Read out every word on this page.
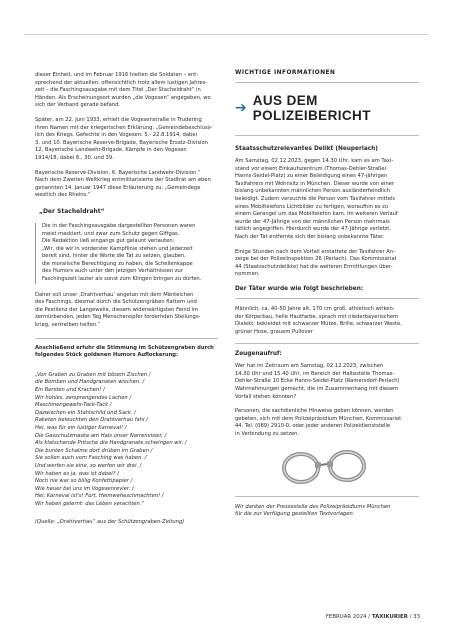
dieser Einheit, und im Februar 1916 hielten die Soldaten – ent-
sprechend der aktuellen, offensichtlich trotz allem lustigen Jahres-
zeit – die Faschingsausgabe mit dem Titel „Der Stacheldraht“ in
Händen. Als Erscheinungsort wurden „die Vogesen“ angegeben, wo
sich der Verband gerade befand.
Später, am 22. Juni 1933, erhielt die Vogesenstraße in Trudering
ihren Namen mit der kriegerischen Erklärung: „Gemeindebeschluss-
lich des Kriegs. Gefechte in den Vogesen: 5.- 22.8.1914, dabei
3. und 10. Bayerische Reserve-Brigade, Bayerische Ersatz-Division
12, Bayerische Landwehr-Brigade. Kämpfe in den Vogesen
1914/18, dabei 8., 30. und 39.
Bayerische Reserve-Division, 6. Bayerische Landwehr-Division.“
Nach dem Zweiten Weltkrieg entmilitarisierte der Stadtrat am eben
genannten 14. Januar 1947 diese Erläuterung zu: „Gemeindege
westlich des Rheins.“
„Der Stacheldraht“
Die in der Faschingsausgabe dargestellten Personen waren
meist maskiert, und zwar zum Schutz gegen Giftgas.
Die Redaktion ließ eingangs gut gelaunt verlauten:
„Wir, die wir in vorderster Kampflinie stehen und jederzeit
bereit sind, hinter die Worte die Tat zu setzen, glauben,
die moralische Berechtigung zu haben, die Schellenkappe
des Humors auch unter den jetzigen Verhältnissen zur
Faschingszeit lauter als sonst zum Klingen bringen zu dürfen.
Daher soll unser ‚Drahtverhau‘ angetan mit dem Mäntelchen
des Faschings, diesmal durch die Schützengräben flattern und
die Pestilenz der Langeweile, diesem widerwärtigsten Feind im
zermürbenden, jeden Tag Menschenopfer fordernden Stellungs-
krieg, vertreiben helfen.“
Anschließend erfuhr die Stimmung im Schützengraben durch
folgendes Stück goldenen Humors Auflockerung:
„Von Graben zu Graben mit bösem Zischen /
die Bomben und Handgranaten wischen. /
Ein Bersten und Krachen! /
Wir hohles, zersprengendes Lachen /
Maschinengewehr-Tack-Tack /
Dazwischen ein Stahlschild und Sack. /
Raketen beleuchten den Drahtverhau fahl /
Hei, was für ein lustiger Karneval! /
Die Gasschutzmaske am Hals unser Narrenvisier, /
Als klatschende Pritsche die Handgranate schwingen wir. /
Die bunten Schalme dort drüben im Graben /
Sie sollen auch vom Fasching was haben. /
Und werfen sie eine, so werfen wir drei. /
Wir haben es ja, was ist dabei? /
Noch nie war so billig Konfettipapier /
Wie heuer bei uns im Vogesenrevier. /
Hei, Karneval ist's! Fort, Heimweheschmachten! /
Wir haben gelernt: das Leben verachten.“
(Quelle: „Drahtverhau“ aus der Schützengraben-Zeitung)
WICHTIGE INFORMATIONEN
➔ AUS DEM POLIZEIBERICHT
Staatsschutzrelevantes Delikt (Neuperlach)
Am Samstag, 02.12.2023, gegen 14.30 Uhr, kam es am Taxi-
stand vor einem Einkaufszentrum (Thomas-Dehler-Straße/
Hanns-Seidel-Platz) zu einer Beleidigung eines 47-jährigen
Taxifahrers mit Wohnsitz in München. Dieser wurde von einer
bislang unbekannten männlichen Person ausländerfeindlich
beleidigt. Zudem versuchte die Person vom Taxifahrer mittels
eines Mobiltelefons Lichtbilder zu fertigen, woraufhin es zu
einem Gerangel um das Mobiltelefon kam. Im weiteren Verlauf
wurde der 47-Jährige von der männlichen Person mehrmals
tätlich angegriffen. Hierdurch wurde der 47-Jährige verletzt.
Nach der Tat entfernte sich der bislang unbekannte Täter.
Einige Stunden nach dem Vorfall erstattete der Taxifahrer An-
zeige bei der Polizeiinspektion 26 (Perlach). Das Kommissariat
44 (Staatsschutzdelikte) hat die weiteren Ermittlungen über-
nommen.
Der Täter wurde wie folgt beschrieben:
Männlich, ca. 40-50 Jahre alt, 170 cm groß, athletisch wirken-
der Körperbau, helle Hautfarbe, sprach mit niederbayerischem
Dialekt; bekleidet mit schwarzer Mütze, Brille, schwarzer Weste,
grüner Hose, grauem Pullover
Zeugenaufruf:
Wer hat im Zeitraum am Samstag, 02.12.2023, zwischen
14.30 Uhr und 15.40 Uhr, im Bereich der Haltestelle Thomas-
Dehler-Straße 10 Ecke Hanns-Seidel-Platz (Ramersdorf-Perlach)
Wahrnehmungen gemacht, die im Zusammenhang mit diesem
Vorfall stehen könnten?
Personen, die sachdienliche Hinweise geben können, werden
gebeten, sich mit dem Polizeipräsidium München, Kommissariat
44, Tel. (089) 2910-0, oder jeder anderen Polizeidienststelle
in Verbindung zu setzen.
Wir danken der Pressestelle des Polizeipräsidiums München
für die zur Verfügung gestellten Textvorlagen.
FEBRUAR 2024 / TAXIKURIER / 33
